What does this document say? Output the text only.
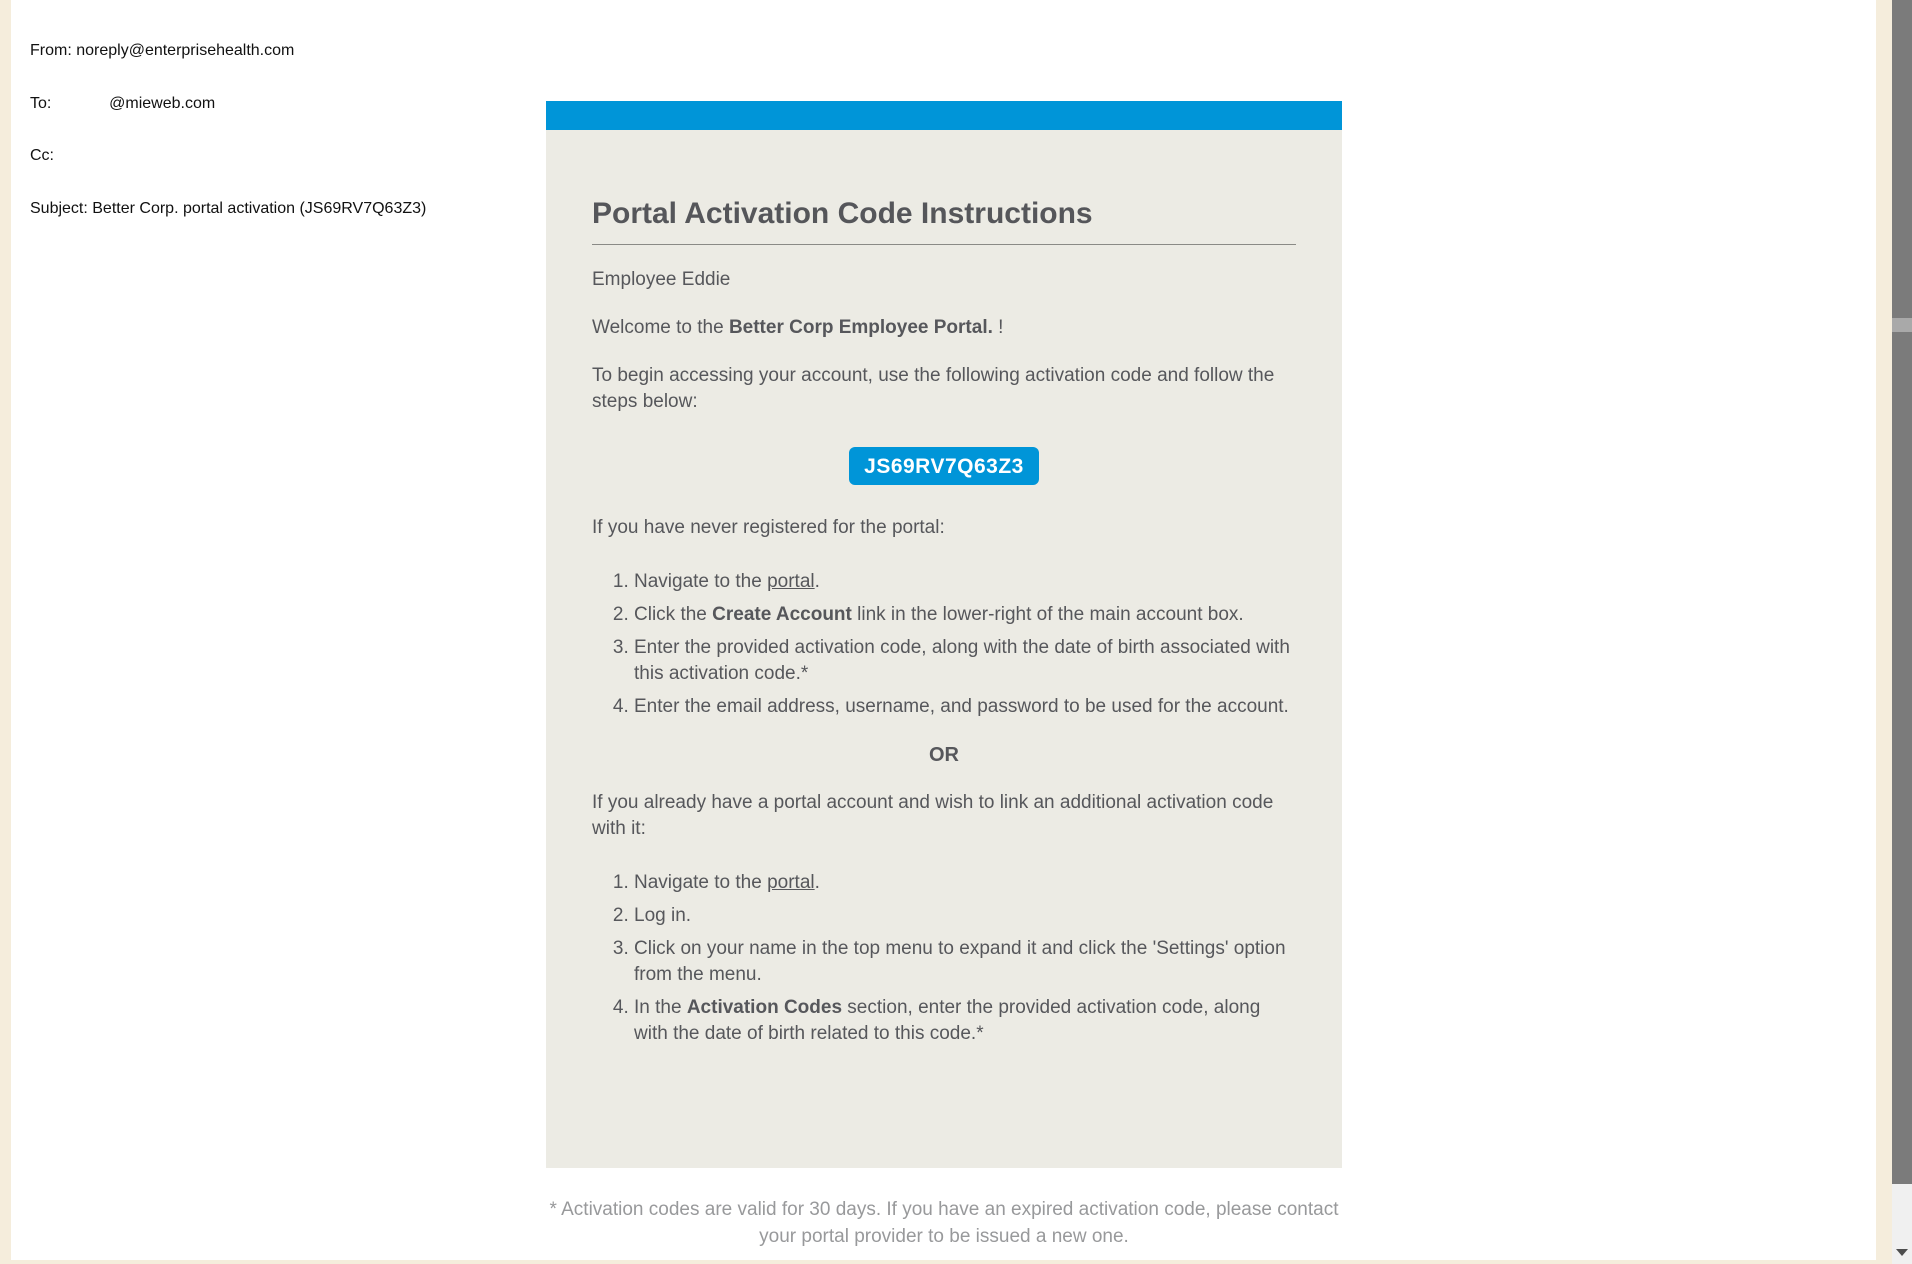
From: noreply@enterprisehealth.com

To:             @mieweb.com

Cc:

Subject: Better Corp. portal activation (JS69RV7Q63Z3)

	Portal Activation Code Instructions

Employee Eddie

Welcome to the Better Corp Employee Portal. !

To begin accessing your account, use the following activation code and follow the steps below:

JS69RV7Q63Z3

If you have never registered for the portal:

1. Navigate to the portal.
2. Click the Create Account link in the lower-right of the main account box.
3. Enter the provided activation code, along with the date of birth associated with this activation code.*
4. Enter the email address, username, and password to be used for the account.

OR

If you already have a portal account and wish to link an additional activation code with it:

1. Navigate to the portal.
2. Log in.
3. Click on your name in the top menu to expand it and click the 'Settings' option from the menu.
4. In the Activation Codes section, enter the provided activation code, along with the date of birth related to this code.*

* Activation codes are valid for 30 days. If you have an expired activation code, please contact your portal provider to be issued a new one.
